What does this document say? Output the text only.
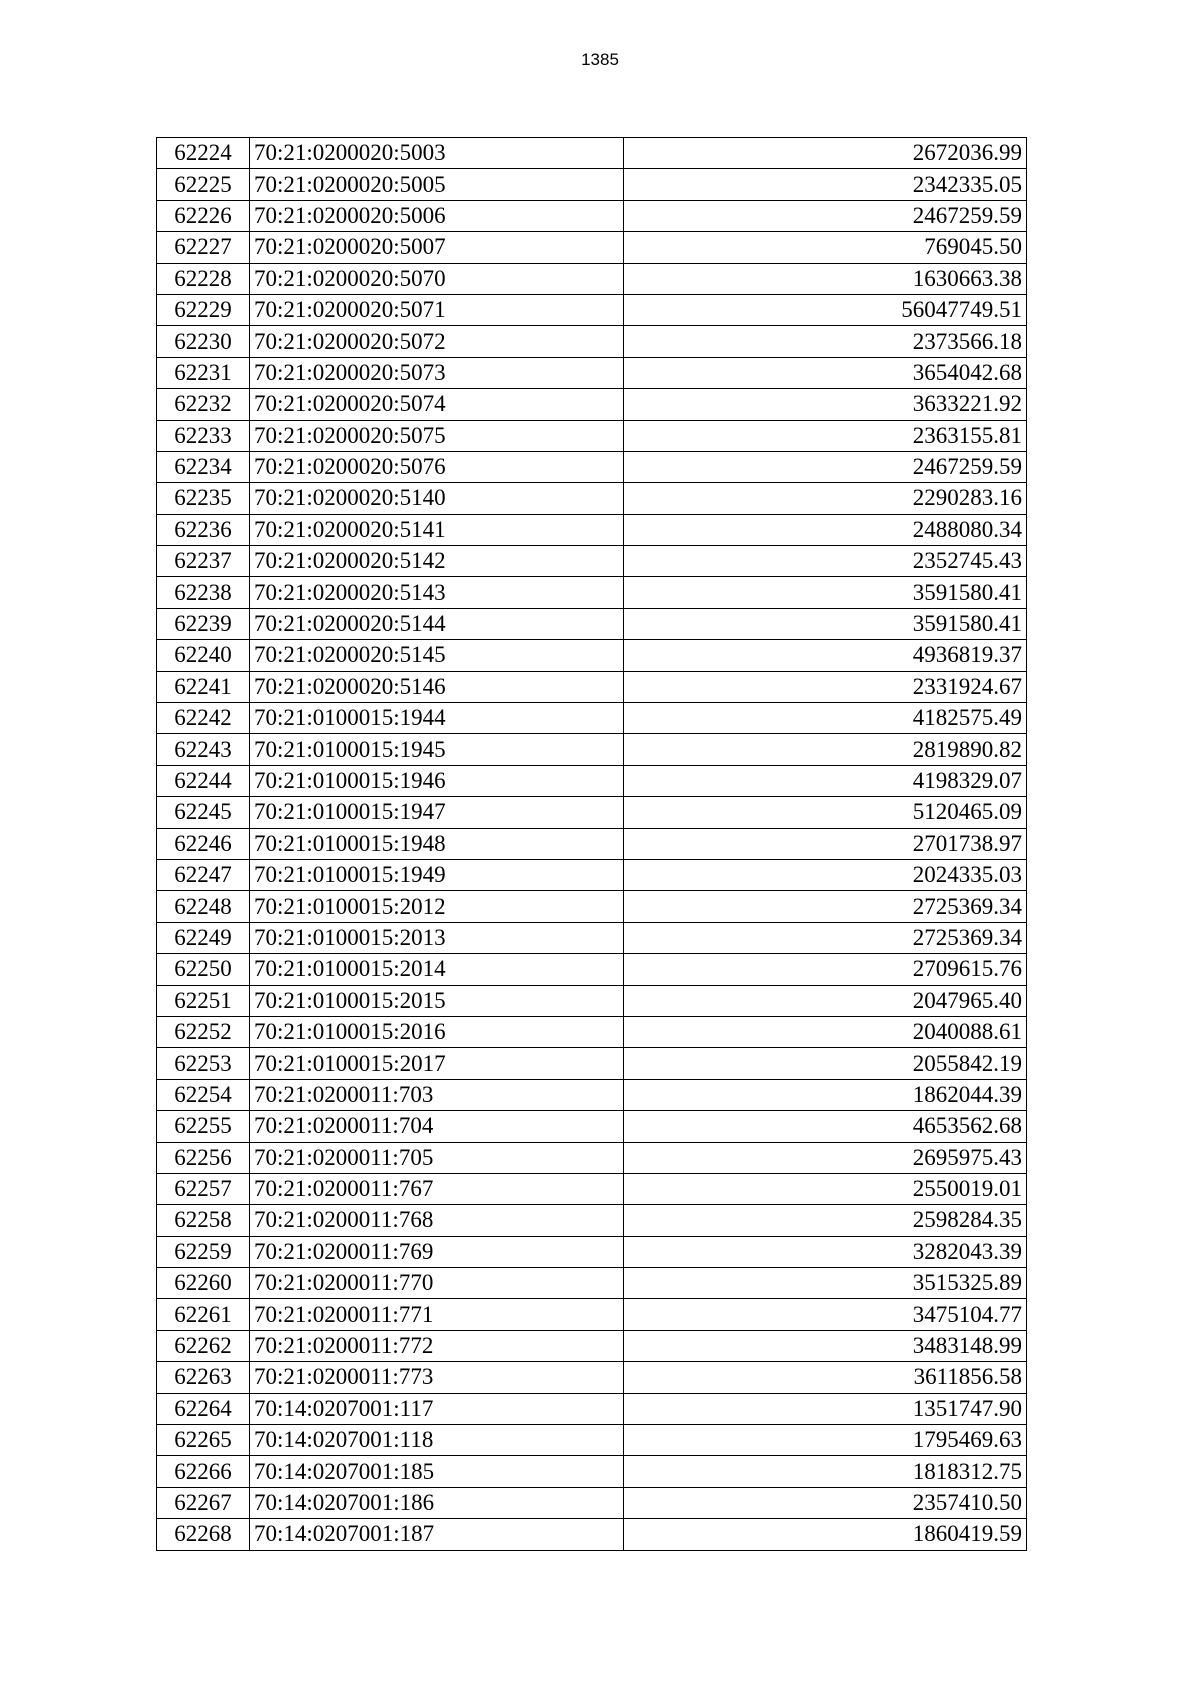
1385
62224	70:21:0200020:5003	2672036.99
62225	70:21:0200020:5005	2342335.05
62226	70:21:0200020:5006	2467259.59
62227	70:21:0200020:5007	769045.50
62228	70:21:0200020:5070	1630663.38
62229	70:21:0200020:5071	56047749.51
62230	70:21:0200020:5072	2373566.18
62231	70:21:0200020:5073	3654042.68
62232	70:21:0200020:5074	3633221.92
62233	70:21:0200020:5075	2363155.81
62234	70:21:0200020:5076	2467259.59
62235	70:21:0200020:5140	2290283.16
62236	70:21:0200020:5141	2488080.34
62237	70:21:0200020:5142	2352745.43
62238	70:21:0200020:5143	3591580.41
62239	70:21:0200020:5144	3591580.41
62240	70:21:0200020:5145	4936819.37
62241	70:21:0200020:5146	2331924.67
62242	70:21:0100015:1944	4182575.49
62243	70:21:0100015:1945	2819890.82
62244	70:21:0100015:1946	4198329.07
62245	70:21:0100015:1947	5120465.09
62246	70:21:0100015:1948	2701738.97
62247	70:21:0100015:1949	2024335.03
62248	70:21:0100015:2012	2725369.34
62249	70:21:0100015:2013	2725369.34
62250	70:21:0100015:2014	2709615.76
62251	70:21:0100015:2015	2047965.40
62252	70:21:0100015:2016	2040088.61
62253	70:21:0100015:2017	2055842.19
62254	70:21:0200011:703	1862044.39
62255	70:21:0200011:704	4653562.68
62256	70:21:0200011:705	2695975.43
62257	70:21:0200011:767	2550019.01
62258	70:21:0200011:768	2598284.35
62259	70:21:0200011:769	3282043.39
62260	70:21:0200011:770	3515325.89
62261	70:21:0200011:771	3475104.77
62262	70:21:0200011:772	3483148.99
62263	70:21:0200011:773	3611856.58
62264	70:14:0207001:117	1351747.90
62265	70:14:0207001:118	1795469.63
62266	70:14:0207001:185	1818312.75
62267	70:14:0207001:186	2357410.50
62268	70:14:0207001:187	1860419.59
